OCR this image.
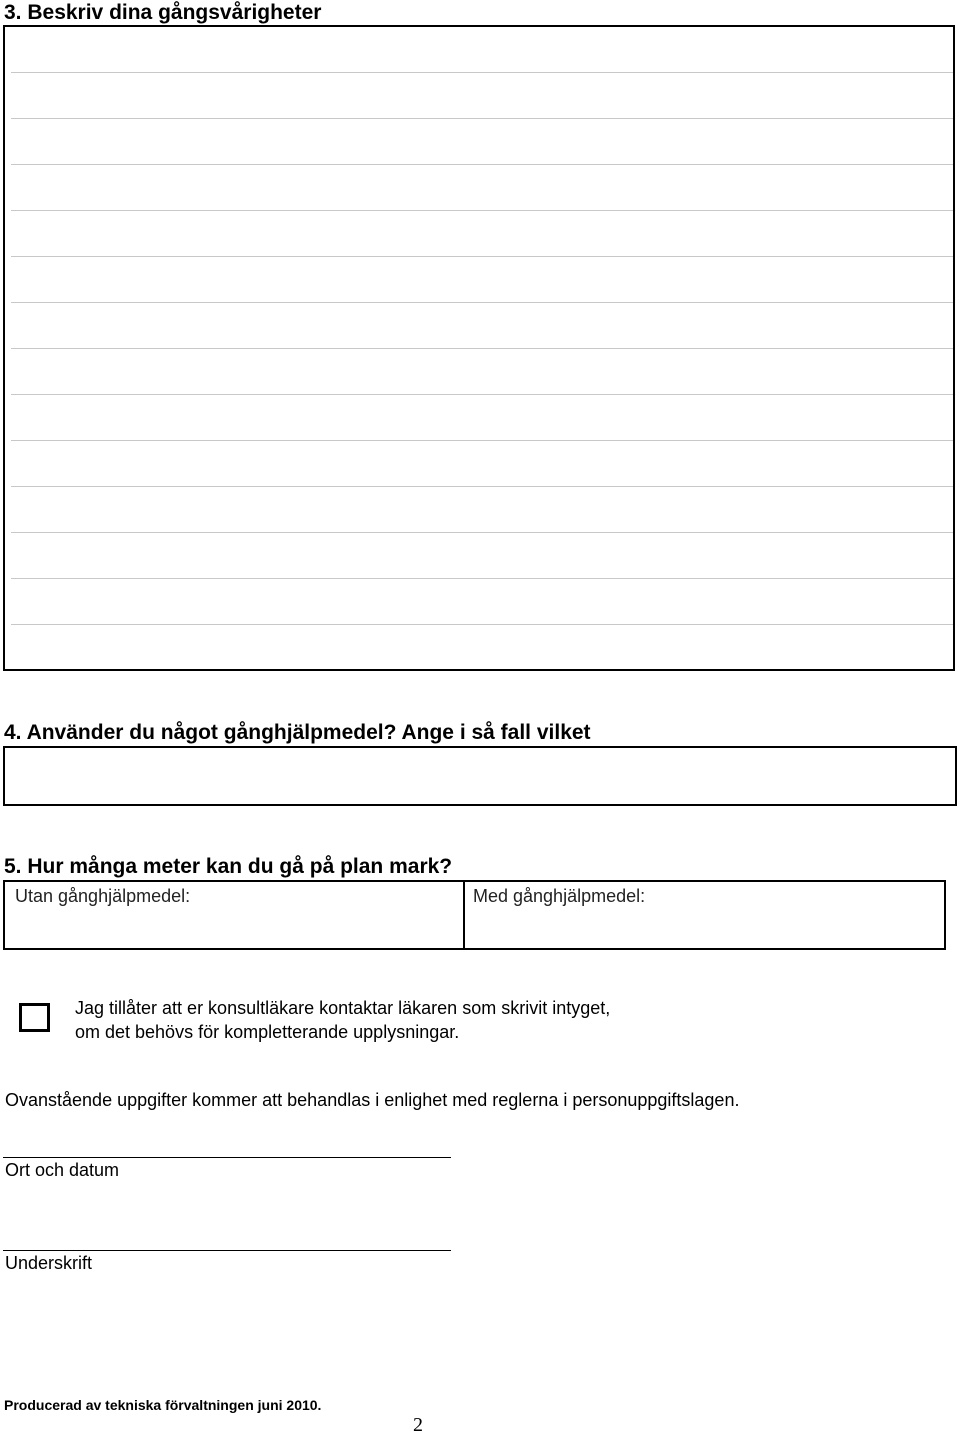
3. Beskriv dina gångsvårigheter
4. Använder du något gånghjälpmedel? Ange i så fall vilket
5. Hur många meter kan du gå på plan mark?
Utan gånghjälpmedel:	Med gånghjälpmedel:
Jag tillåter att er konsultläkare kontaktar läkaren som skrivit intyget,
om det behövs för kompletterande upplysningar.
Ovanstående uppgifter kommer att behandlas i enlighet med reglerna i personuppgiftslagen.
Ort och datum
Underskrift
Producerad av tekniska förvaltningen juni 2010.
2
